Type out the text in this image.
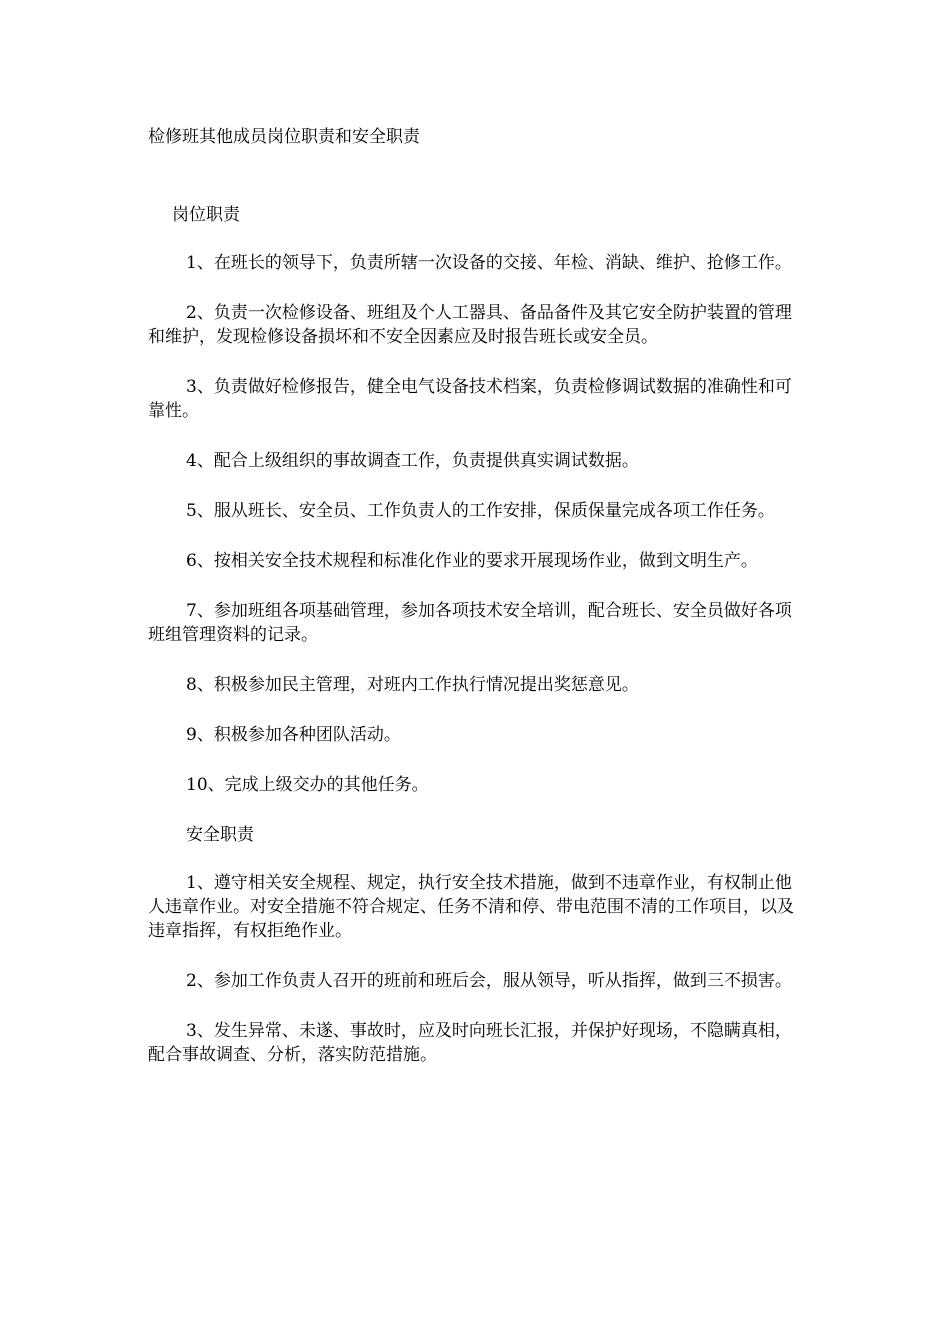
检修班其他成员岗位职责和安全职责
岗位职责

1、在班长的领导下，负责所辖一次设备的交接、年检、消缺、维护、抢修工作。

2、负责一次检修设备、班组及个人工器具、备品备件及其它安全防护装置的管理和维护，发现检修设备损坏和不安全因素应及时报告班长或安全员。

3、负责做好检修报告，健全电气设备技术档案，负责检修调试数据的准确性和可靠性。

4、配合上级组织的事故调查工作，负责提供真实调试数据。

5、服从班长、安全员、工作负责人的工作安排，保质保量完成各项工作任务。

6、按相关安全技术规程和标准化作业的要求开展现场作业，做到文明生产。

7、参加班组各项基础管理，参加各项技术安全培训，配合班长、安全员做好各项班组管理资料的记录。

8、积极参加民主管理，对班内工作执行情况提出奖惩意见。

9、积极参加各种团队活动。

10、完成上级交办的其他任务。

安全职责

1、遵守相关安全规程、规定，执行安全技术措施，做到不违章作业，有权制止他人违章作业。对安全措施不符合规定、任务不清和停、带电范围不清的工作项目，以及违章指挥，有权拒绝作业。

2、参加工作负责人召开的班前和班后会，服从领导，听从指挥，做到三不损害。

3、发生异常、未遂、事故时，应及时向班长汇报，并保护好现场，不隐瞒真相，配合事故调查、分析，落实防范措施。
